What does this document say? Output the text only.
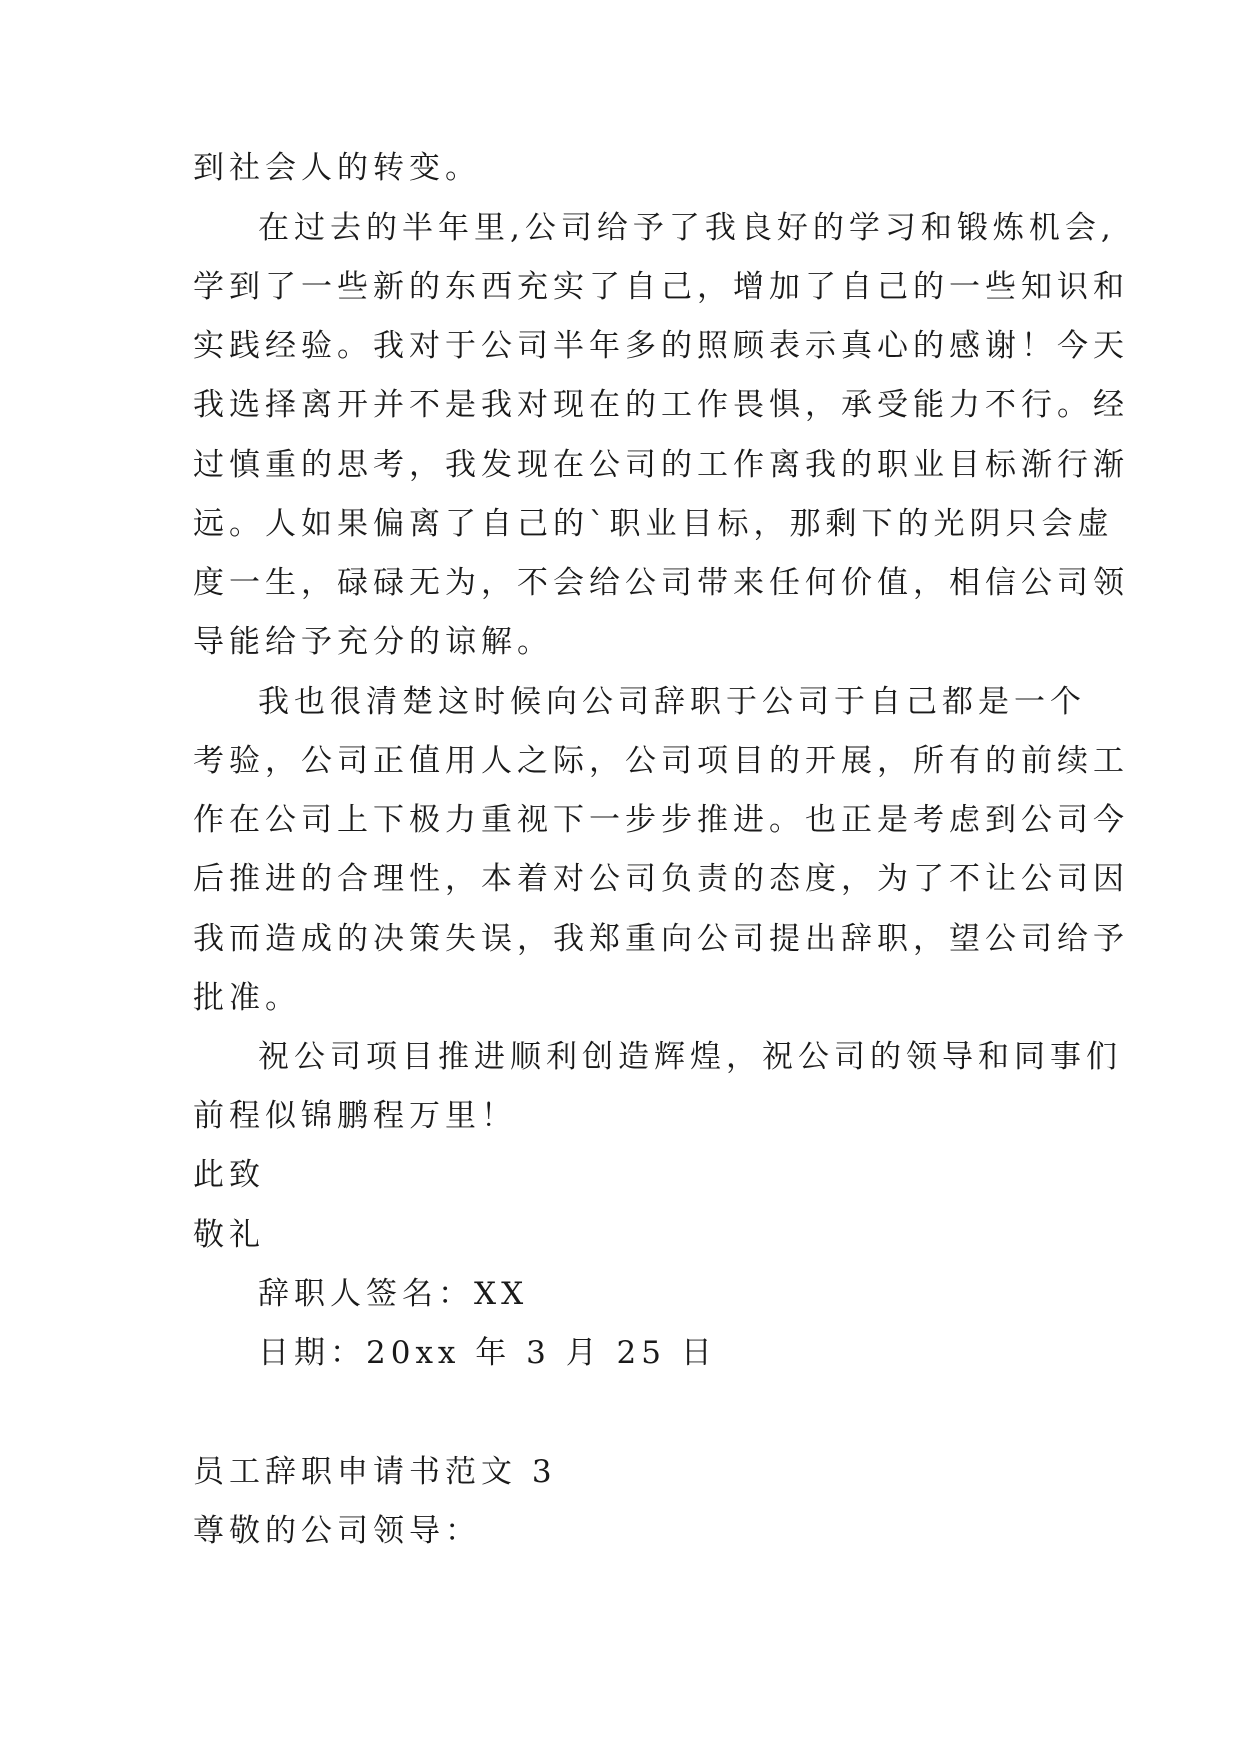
到社会人的转变。
在过去的半年里,公司给予了我良好的学习和锻炼机会,
学到了一些新的东西充实了自己，增加了自己的一些知识和
实践经验。我对于公司半年多的照顾表示真心的感谢！今天
我选择离开并不是我对现在的工作畏惧，承受能力不行。经
过慎重的思考，我发现在公司的工作离我的职业目标渐行渐
远。人如果偏离了自己的`职业目标，那剩下的光阴只会虚
度一生，碌碌无为，不会给公司带来任何价值，相信公司领
导能给予充分的谅解。
我也很清楚这时候向公司辞职于公司于自己都是一个
考验，公司正值用人之际，公司项目的开展，所有的前续工
作在公司上下极力重视下一步步推进。也正是考虑到公司今
后推进的合理性，本着对公司负责的态度，为了不让公司因
我而造成的决策失误，我郑重向公司提出辞职，望公司给予
批准。
祝公司项目推进顺利创造辉煌，祝公司的领导和同事们
前程似锦鹏程万里！
此致
敬礼
辞职人签名：XX
日期：20xx 年 3 月 25 日
员工辞职申请书范文 3
尊敬的公司领导：
